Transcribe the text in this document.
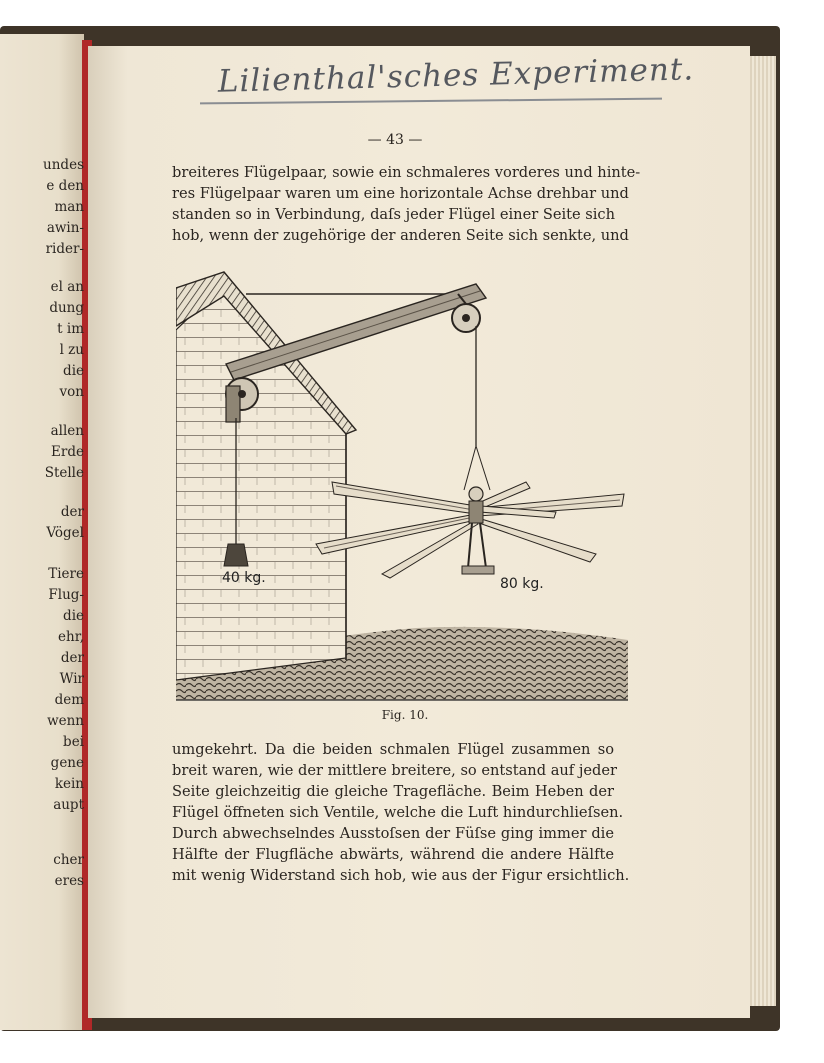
undes
e den
man
awin-
rider-
el an
dung
t im
l zu
die
von
allen
Erde
Stelle
der
Vögel
Tiere
Flug-
die
ehr,
der
Wir
dem
wenn
bei
gene
kein
aupt
cher
eres
Lilienthal'sches Experiment.
— 43 —
breiteres Flügelpaar, sowie ein schmaleres vorderes und hinte-
res Flügelpaar waren um eine horizontale Achse drehbar und
standen so in Verbindung, daſs jeder Flügel einer Seite sich
hob, wenn der zugehörige der anderen Seite sich senkte, und
40 kg.	80 kg.
Fig. 10.
umgekehrt. Da die beiden schmalen Flügel zusammen so
breit waren, wie der mittlere breitere, so entstand auf jeder
Seite gleichzeitig die gleiche Tragefläche. Beim Heben der
Flügel öffneten sich Ventile, welche die Luft hindurchlieſsen.
Durch abwechselndes Ausstoſsen der Füſse ging immer die
Hälfte der Flugfläche abwärts, während die andere Hälfte
mit wenig Widerstand sich hob, wie aus der Figur ersichtlich.
